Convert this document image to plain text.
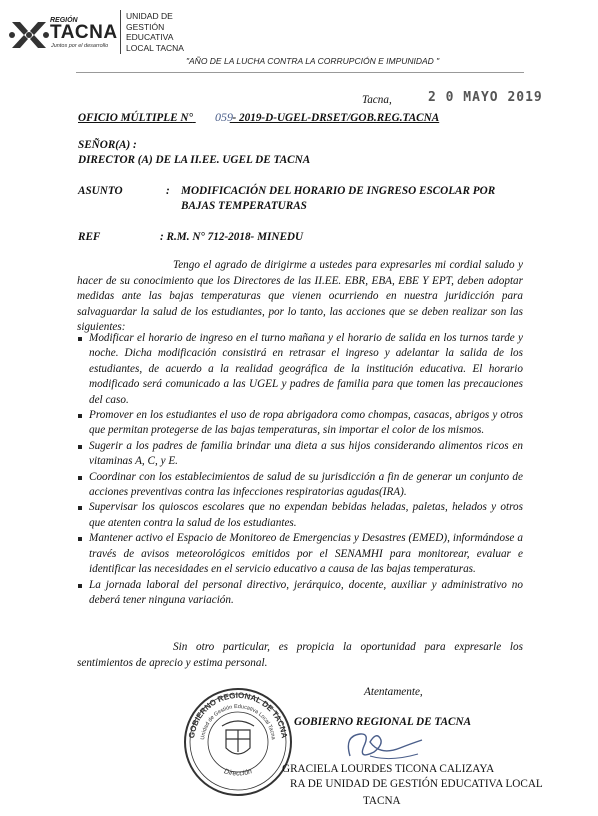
REGIÓN
TACNA
Juntos por el desarrollo
UNIDAD DE
GESTIÓN
EDUCATIVA
LOCAL TACNA
"AÑO DE LA LUCHA CONTRA LA CORRUPCIÓN E IMPUNIDAD "
Tacna,	2 0 MAYO 2019
OFICIO MÚLTIPLE N°	- 2019-D-UGEL-DRSET/GOB.REG.TACNA
059
SEÑOR(A) :
DIRECTOR (A) DE LA II.EE. UGEL DE TACNA
ASUNTO	: MODIFICACIÓN DEL HORARIO DE INGRESO ESCOLAR POR
BAJAS TEMPERATURAS
REF	: R.M. N° 712-2018- MINEDU

Tengo el agrado de dirigirme a ustedes para expresarles mi cordial saludo y hacer de su conocimiento que los Directores de las II.EE. EBR, EBA, EBE Y EPT, deben adoptar medidas ante las bajas temperaturas que vienen ocurriendo en nuestra juridicción para salvaguardar la salud de los estudiantes, por lo tanto, las acciones que se deben realizar son las siguientes:

Modificar el horario de ingreso en el turno mañana y el horario de salida en los turnos tarde y noche. Dicha modificación consistirá en retrasar el ingreso y adelantar la salida de los estudiantes, de acuerdo a la realidad geográfica de la institución educativa. El horario modificado será comunicado a las UGEL y padres de familia para que tomen las precauciones del caso.

Promover en los estudiantes el uso de ropa abrigadora como chompas, casacas, abrigos y otros que permitan protegerse de las bajas temperaturas, sin importar el color de los mismos.

Sugerir a los padres de familia brindar una dieta a sus hijos considerando alimentos ricos en vitaminas A, C, y E.

Coordinar con los establecimientos de salud de su jurisdicción a fin de generar un conjunto de acciones preventivas contra las infecciones respiratorias agudas(IRA).

Supervisar los quioscos escolares que no expendan bebidas heladas, paletas, helados y otros que atenten contra la salud de los estudiantes.

Mantener activo el Espacio de Monitoreo de Emergencias y Desastres (EMED), informándose a través de avisos meteorológicos emitidos por el SENAMHI para monitorear, evaluar e identificar las necesidades en el servicio educativo a causa de las bajas temperaturas.

La jornada laboral del personal directivo, jerárquico, docente, auxiliar y administrativo no deberá tener ninguna variación.

Sin otro particular, es propicia la oportunidad para expresarle los sentimientos de aprecio y estima personal.

Atentamente,
GOBIERNO REGIONAL DE TACNA
Unidad de Gestión Educativa Local Tacna
Dirección
GOBIERNO REGIONAL DE TACNA
GRACIELA LOURDES TICONA CALIZAYA
RA DE UNIDAD DE GESTIÓN EDUCATIVA LOCAL
TACNA
